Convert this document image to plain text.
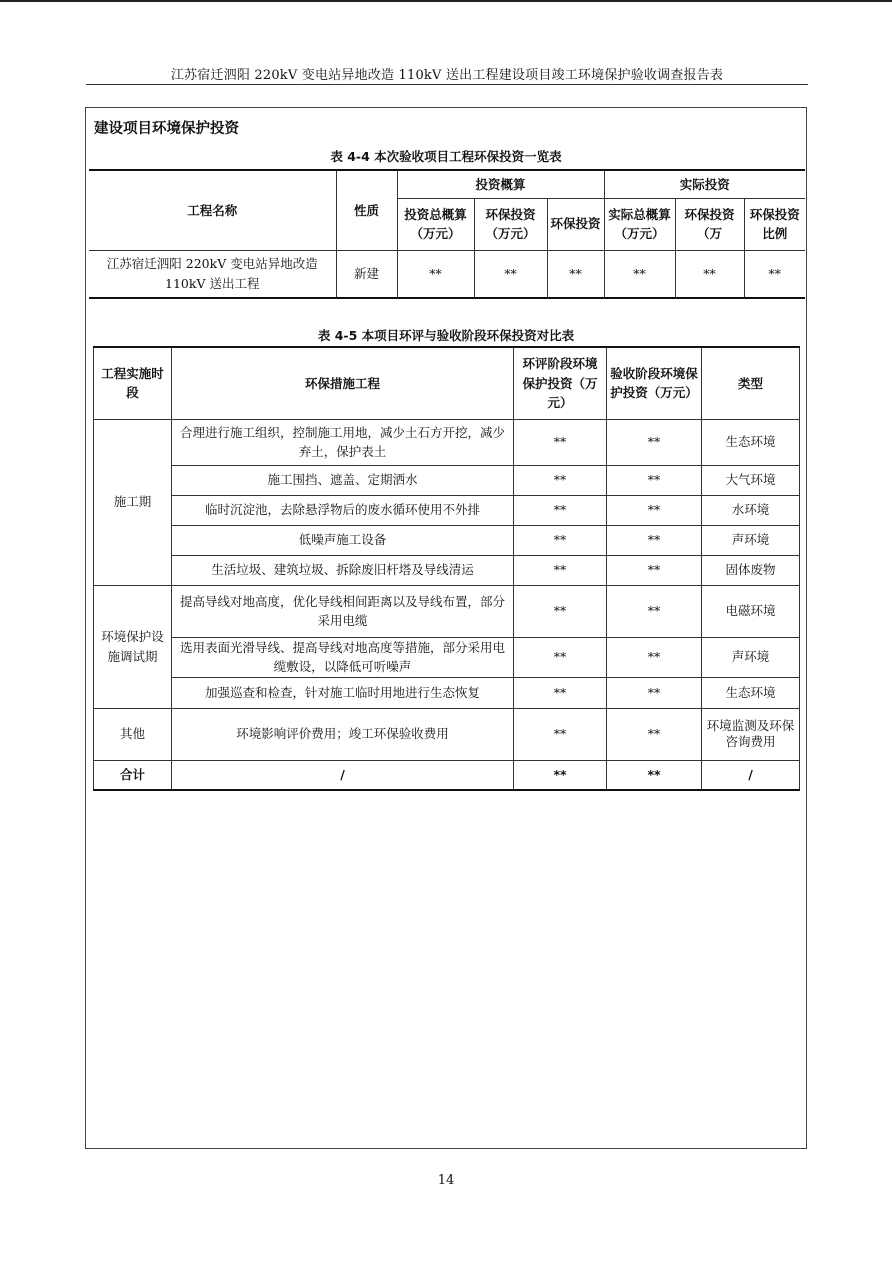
江苏宿迁泗阳 220kV 变电站异地改造 110kV 送出工程建设项目竣工环境保护验收调查报告表
建设项目环境保护投资
表 4-4 本次验收项目工程环保投资一览表
工程名称	性质	投资概算			实际投资		
		投资总概算（万元）	环保投资（万元）	环保投资	实际总概算（万元）	环保投资（万	环保投资比例
江苏宿迁泗阳 220kV 变电站异地改造 110kV 送出工程	新建	**	**	**	**	**	**
表 4-5 本项目环评与验收阶段环保投资对比表
工程实施时段	环保措施工程	环评阶段环境保护投资（万元）	验收阶段环境保护投资（万元）	类型
施工期	合理进行施工组织，控制施工用地，减少土石方开挖，减少弃土，保护表土	**	**	生态环境
	施工围挡、遮盖、定期洒水	**	**	大气环境
	临时沉淀池，去除悬浮物后的废水循环使用不外排	**	**	水环境
	低噪声施工设备	**	**	声环境
	生活垃圾、建筑垃圾、拆除废旧杆塔及导线清运	**	**	固体废物
环境保护设施调试期	提高导线对地高度，优化导线相间距离以及导线布置，部分采用电缆	**	**	电磁环境
	选用表面光滑导线、提高导线对地高度等措施，部分采用电缆敷设，以降低可听噪声	**	**	声环境
	加强巡查和检查，针对施工临时用地进行生态恢复	**	**	生态环境
其他	环境影响评价费用；竣工环保验收费用	**	**	环境监测及环保咨询费用
合计	/	**	**	/
14
